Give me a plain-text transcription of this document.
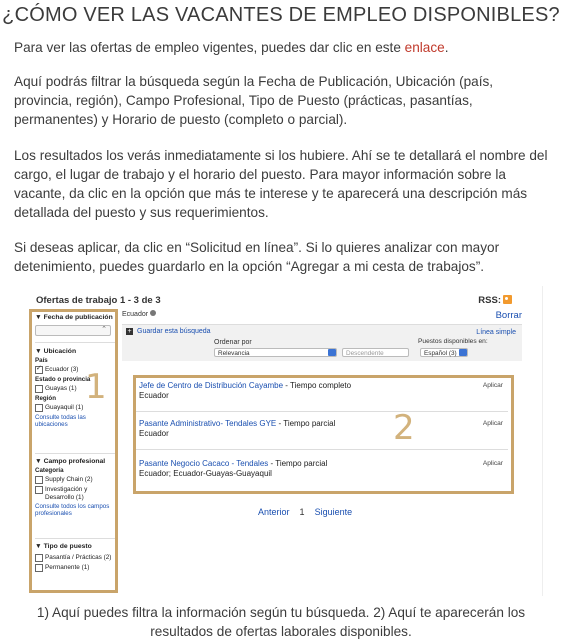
¿CÓMO VER LAS VACANTES DE EMPLEO DISPONIBLES?
Para ver las ofertas de empleo vigentes, puedes dar clic en este enlace.
Aquí podrás filtrar la búsqueda según la Fecha de Publicación, Ubicación (país, provincia, región), Campo Profesional, Tipo de Puesto (prácticas, pasantías, permanentes) y Horario de puesto (completo o parcial).
Los resultados los verás inmediatamente si los hubiere. Ahí se te detallará el nombre del cargo, el lugar de trabajo y el horario del puesto. Para mayor información sobre la vacante, da clic en la opción que más te interese y te aparecerá una descripción más detallada del puesto y sus requerimientos.
Si deseas aplicar, da clic en “Solicitud en línea”. Si lo quieres analizar con mayor detenimiento, puedes guardarlo en la opción “Agregar a mi cesta de trabajos”.
Ofertas de trabajo 1 - 3 de 3	RSS:
Borrar
▼ Fecha de publicación
⌃
▼ Ubicación
País
✓
Ecuador (3)
Estado o provincia
Guayas (1)
Región
Guayaquil (1)
Consulte todas las ubicaciones
▼ Campo profesional
Categoría
Supply Chain (2)
Investigación y Desarrollo (1)
Consulte todos los campos profesionales
▼ Tipo de puesto
Pasantía / Prácticas (2)
Permanente (1)
1
Ecuador
+ Guardar esta búsqueda	Línea simple
Ordenar por
Relevancia	Descendente
Puestos disponibles en:
Español (3)
Jefe de Centro de Distribución Cayambe - Tiempo completo
Ecuador
Aplicar
Pasante Administrativo- Tendales GYE - Tiempo parcial
Ecuador
Aplicar
Pasante Negocio Cacaco - Tendales - Tiempo parcial
Ecuador; Ecuador-Guayas-Guayaquil
Aplicar
2
Anterior 1 Siguiente
1) Aquí puedes filtra la información según tu búsqueda. 2) Aquí te aparecerán los resultados de ofertas laborales disponibles.
